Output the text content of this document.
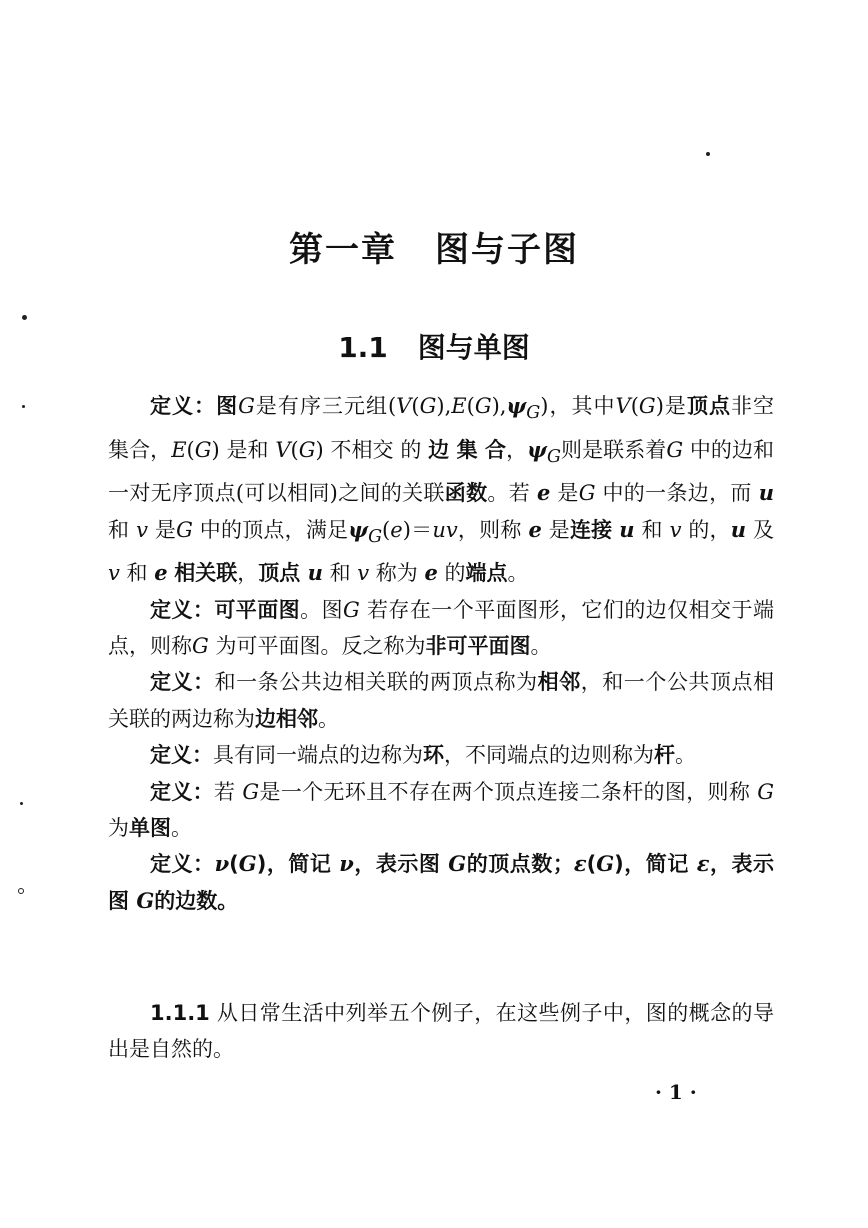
第一章 图与子图
1.1 图与单图

定义：图G是有序三元组$(V(G),E(G),\psi_G)$，其中V(G)是顶点非空集合，E(G) 是和 V(G) 不相交 的 边 集 合，$\psi_G$则是联系着G 中的边和一对无序顶点(可以相同)之间的关联函数。若 e 是G 中的一条边，而 u 和 v 是G 中的顶点，满足$\psi_G(e)=uv$，则称 e 是连接 u 和 v 的，u 及 v 和 e 相关联，顶点 u 和 v 称为 e 的端点。

定义：可平面图。图G 若存在一个平面图形，它们的边仅相交于端点，则称G 为可平面图。反之称为非可平面图。

定义：和一条公共边相关联的两顶点称为相邻，和一个公共顶点相关联的两边称为边相邻。

定义：具有同一端点的边称为环，不同端点的边则称为杆。

定义：若 G是一个无环且不存在两个顶点连接二条杆的图，则称 G为单图。

定义：ν(G)，简记 ν，表示图 G的顶点数；ε(G)，简记 ε，表示图 G的边数。

1.1.1 从日常生活中列举五个例子，在这些例子中，图的概念的导出是自然的。

· 1 ·
